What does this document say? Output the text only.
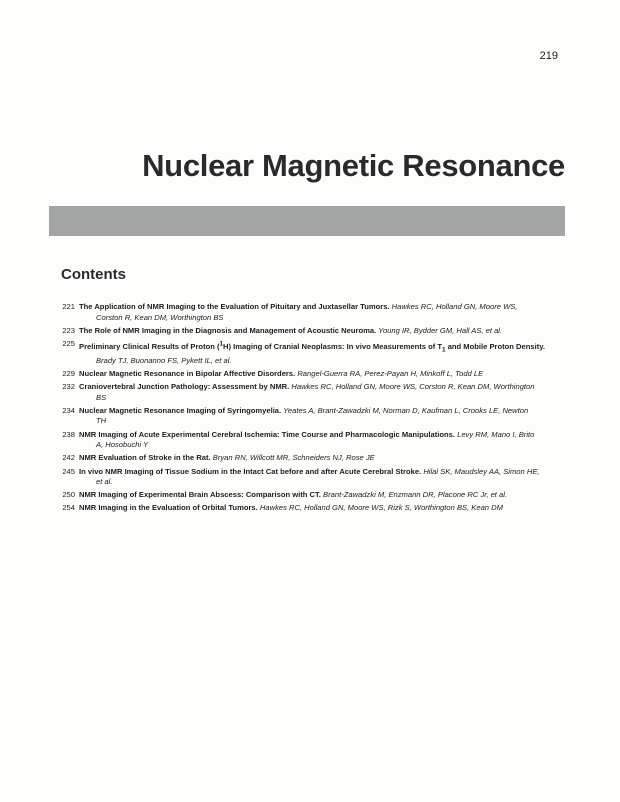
219
Nuclear Magnetic Resonance
Contents
221 The Application of NMR Imaging to the Evaluation of Pituitary and Juxtasellar Tumors. Hawkes RC, Holland GN, Moore WS,
Corston R, Kean DM, Worthington BS
223 The Role of NMR Imaging in the Diagnosis and Management of Acoustic Neuroma. Young IR, Bydder GM, Hall AS, et al.
225 Preliminary Clinical Results of Proton ($^1$H) Imaging of Cranial Neoplasms: In vivo Measurements of $T_1$ and Mobile Proton Density.
Brady TJ, Buonanno FS, Pykett IL, et al.
229 Nuclear Magnetic Resonance in Bipolar Affective Disorders. Rangel-Guerra RA, Perez-Payan H, Minkoff L, Todd LE
232 Craniovertebral Junction Pathology: Assessment by NMR. Hawkes RC, Holland GN, Moore WS, Corston R, Kean DM, Worthington
BS
234 Nuclear Magnetic Resonance Imaging of Syringomyelia. Yeates A, Brant-Zawadzki M, Norman D, Kaufman L, Crooks LE, Newton
TH
238 NMR Imaging of Acute Experimental Cerebral Ischemia: Time Course and Pharmacologic Manipulations. Levy RM, Mano I, Brito
A, Hosobuchi Y
242 NMR Evaluation of Stroke in the Rat. Bryan RN, Willcott MR, Schneiders NJ, Rose JE
245 In vivo NMR Imaging of Tissue Sodium in the Intact Cat before and after Acute Cerebral Stroke. Hilal SK, Maudsley AA, Simon HE,
et al.
250 NMR Imaging of Experimental Brain Abscess: Comparison with CT. Brant-Zawadzki M, Enzmann DR, Placone RC Jr, et al.
254 NMR Imaging in the Evaluation of Orbital Tumors. Hawkes RC, Holland GN, Moore WS, Rizk S, Worthington BS, Kean DM
